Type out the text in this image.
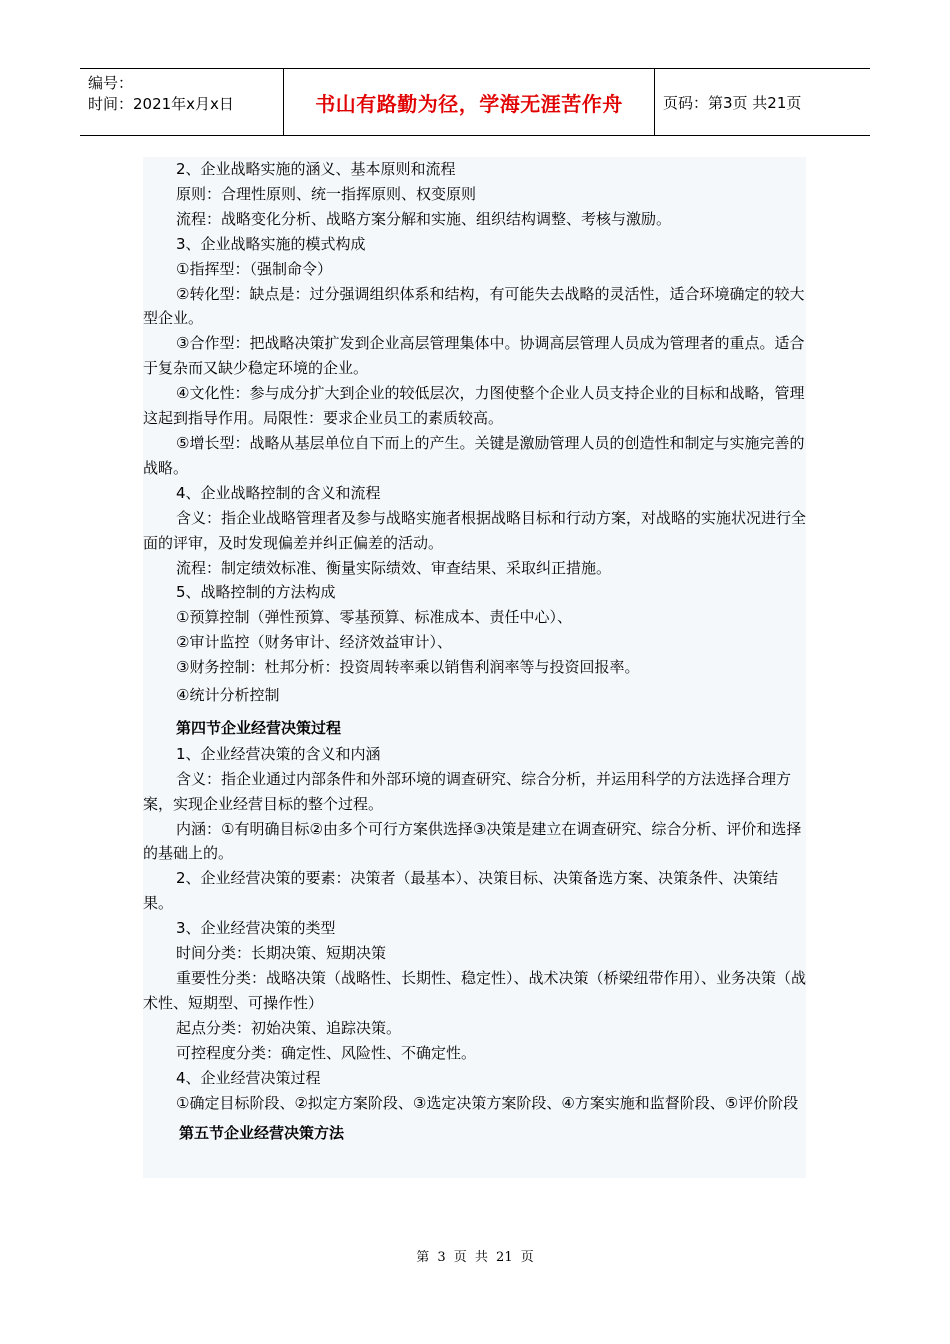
编号：
时间：2021年x月x日	书山有路勤为径，学海无涯苦作舟	页码：第3页 共21页

2、企业战略实施的涵义、基本原则和流程

原则：合理性原则、统一指挥原则、权变原则

流程：战略变化分析、战略方案分解和实施、组织结构调整、考核与激励。

3、企业战略实施的模式构成

①指挥型：（强制命令）

②转化型：缺点是：过分强调组织体系和结构，有可能失去战略的灵活性，适合环境确定的较大型企业。

③合作型：把战略决策扩发到企业高层管理集体中。协调高层管理人员成为管理者的重点。适合于复杂而又缺少稳定环境的企业。

④文化性：参与成分扩大到企业的较低层次，力图使整个企业人员支持企业的目标和战略，管理这起到指导作用。局限性：要求企业员工的素质较高。

⑤增长型：战略从基层单位自下而上的产生。关键是激励管理人员的创造性和制定与实施完善的战略。

4、企业战略控制的含义和流程

含义：指企业战略管理者及参与战略实施者根据战略目标和行动方案，对战略的实施状况进行全面的评审，及时发现偏差并纠正偏差的活动。

流程：制定绩效标准、衡量实际绩效、审查结果、采取纠正措施。

5、战略控制的方法构成

①预算控制（弹性预算、零基预算、标准成本、责任中心）、

②审计监控（财务审计、经济效益审计）、

③财务控制：杜邦分析：投资周转率乘以销售利润率等与投资回报率。

④统计分析控制

第四节企业经营决策过程

1、企业经营决策的含义和内涵

含义：指企业通过内部条件和外部环境的调查研究、综合分析，并运用科学的方法选择合理方案，实现企业经营目标的整个过程。

内涵：①有明确目标②由多个可行方案供选择③决策是建立在调查研究、综合分析、评价和选择的基础上的。

2、企业经营决策的要素：决策者（最基本）、决策目标、决策备选方案、决策条件、决策结果。

3、企业经营决策的类型

时间分类：长期决策、短期决策

重要性分类：战略决策（战略性、长期性、稳定性）、战术决策（桥梁纽带作用）、业务决策（战术性、短期型、可操作性）

起点分类：初始决策、追踪决策。

可控程度分类：确定性、风险性、不确定性。

4、企业经营决策过程

①确定目标阶段、②拟定方案阶段、③选定决策方案阶段、④方案实施和监督阶段、⑤评价阶段

第五节企业经营决策方法

第 3 页 共 21 页
